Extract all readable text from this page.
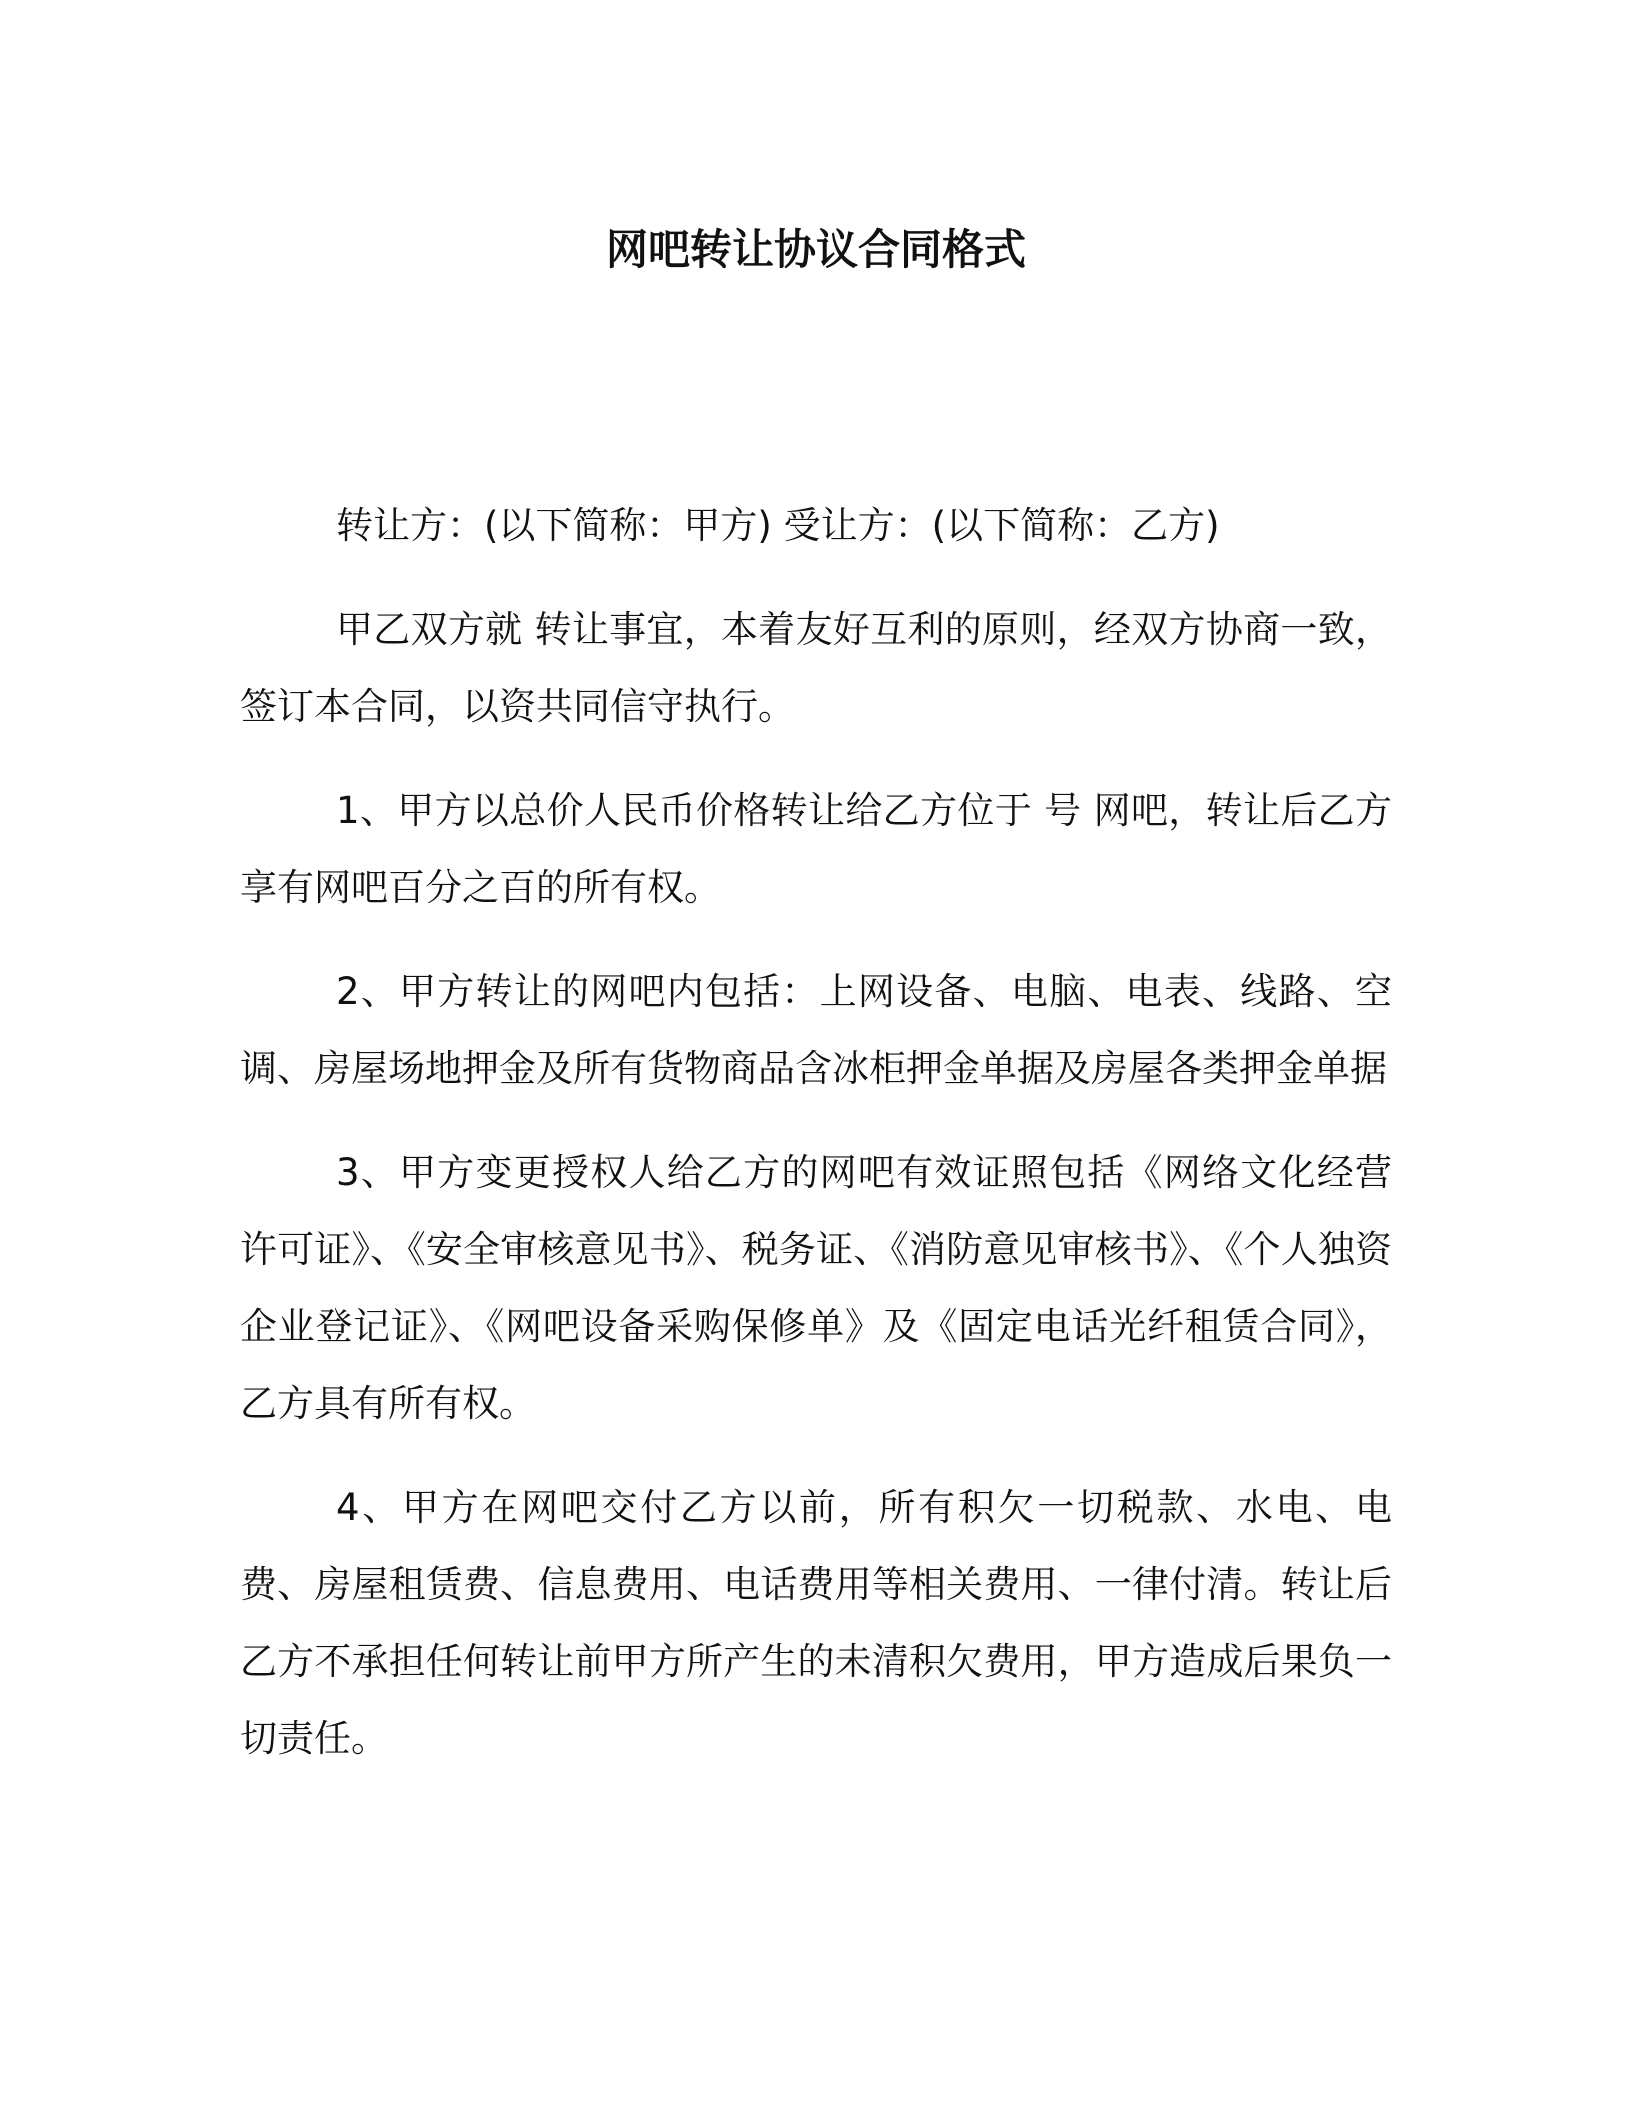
网吧转让协议合同格式

转让方：(以下简称：甲方) 受让方：(以下简称：乙方)

甲乙双方就 转让事宜，本着友好互利的原则，经双方协商一致，签订本合同，以资共同信守执行。

1、甲方以总价人民币价格转让给乙方位于 号 网吧，转让后乙方享有网吧百分之百的所有权。

2、甲方转让的网吧内包括：上网设备、电脑、电表、线路、空调、房屋场地押金及所有货物商品含冰柜押金单据及房屋各类押金单据

3、甲方变更授权人给乙方的网吧有效证照包括《网络文化经营许可证》、《安全审核意见书》、税务证、《消防意见审核书》、《个人独资企业登记证》、《网吧设备采购保修单》及《固定电话光纤租赁合同》，乙方具有所有权。

4、甲方在网吧交付乙方以前，所有积欠一切税款、水电、电费、房屋租赁费、信息费用、电话费用等相关费用、一律付清。转让后乙方不承担任何转让前甲方所产生的未清积欠费用，甲方造成后果负一切责任。
